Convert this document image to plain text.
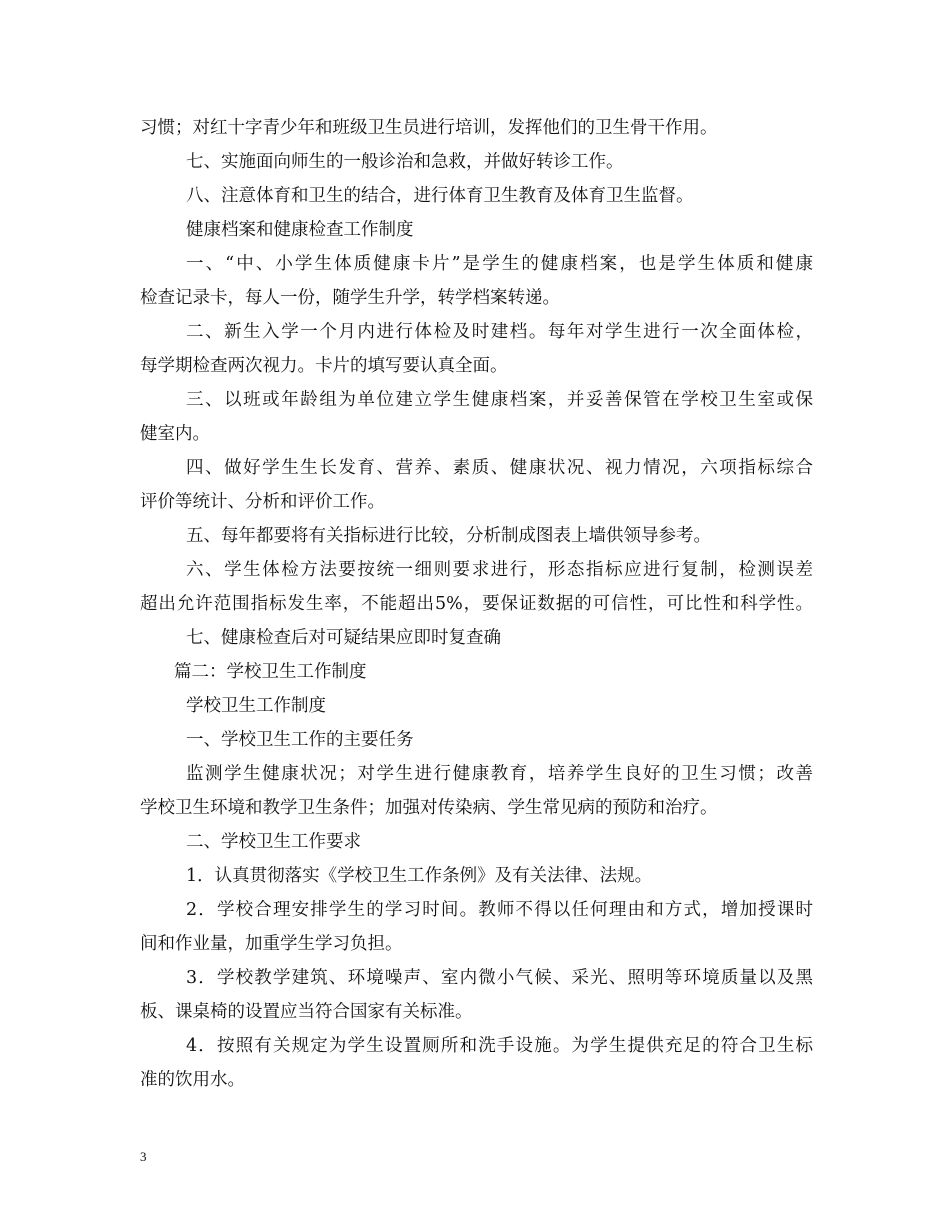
习惯；对红十字青少年和班级卫生员进行培训，发挥他们的卫生骨干作用。
七、实施面向师生的一般诊治和急救，并做好转诊工作。
八、注意体育和卫生的结合，进行体育卫生教育及体育卫生监督。
健康档案和健康检查工作制度
一、“中、小学生体质健康卡片”是学生的健康档案，也是学生体质和健康
检查记录卡，每人一份，随学生升学，转学档案转递。
二、新生入学一个月内进行体检及时建档。每年对学生进行一次全面体检，
每学期检查两次视力。卡片的填写要认真全面。
三、以班或年龄组为单位建立学生健康档案，并妥善保管在学校卫生室或保
健室内。
四、做好学生生长发育、营养、素质、健康状况、视力情况，六项指标综合
评价等统计、分析和评价工作。
五、每年都要将有关指标进行比较，分析制成图表上墙供领导参考。
六、学生体检方法要按统一细则要求进行，形态指标应进行复制，检测误差
超出允许范围指标发生率，不能超出5%，要保证数据的可信性，可比性和科学性。
七、健康检查后对可疑结果应即时复查确
篇二：学校卫生工作制度
学校卫生工作制度
一、学校卫生工作的主要任务
监测学生健康状况；对学生进行健康教育，培养学生良好的卫生习惯；改善
学校卫生环境和教学卫生条件；加强对传染病、学生常见病的预防和治疗。
二、学校卫生工作要求
1．认真贯彻落实《学校卫生工作条例》及有关法律、法规。
2．学校合理安排学生的学习时间。教师不得以任何理由和方式，增加授课时
间和作业量，加重学生学习负担。
3．学校教学建筑、环境噪声、室内微小气候、采光、照明等环境质量以及黑
板、课桌椅的设置应当符合国家有关标准。
4．按照有关规定为学生设置厕所和洗手设施。为学生提供充足的符合卫生标
准的饮用水。
3
